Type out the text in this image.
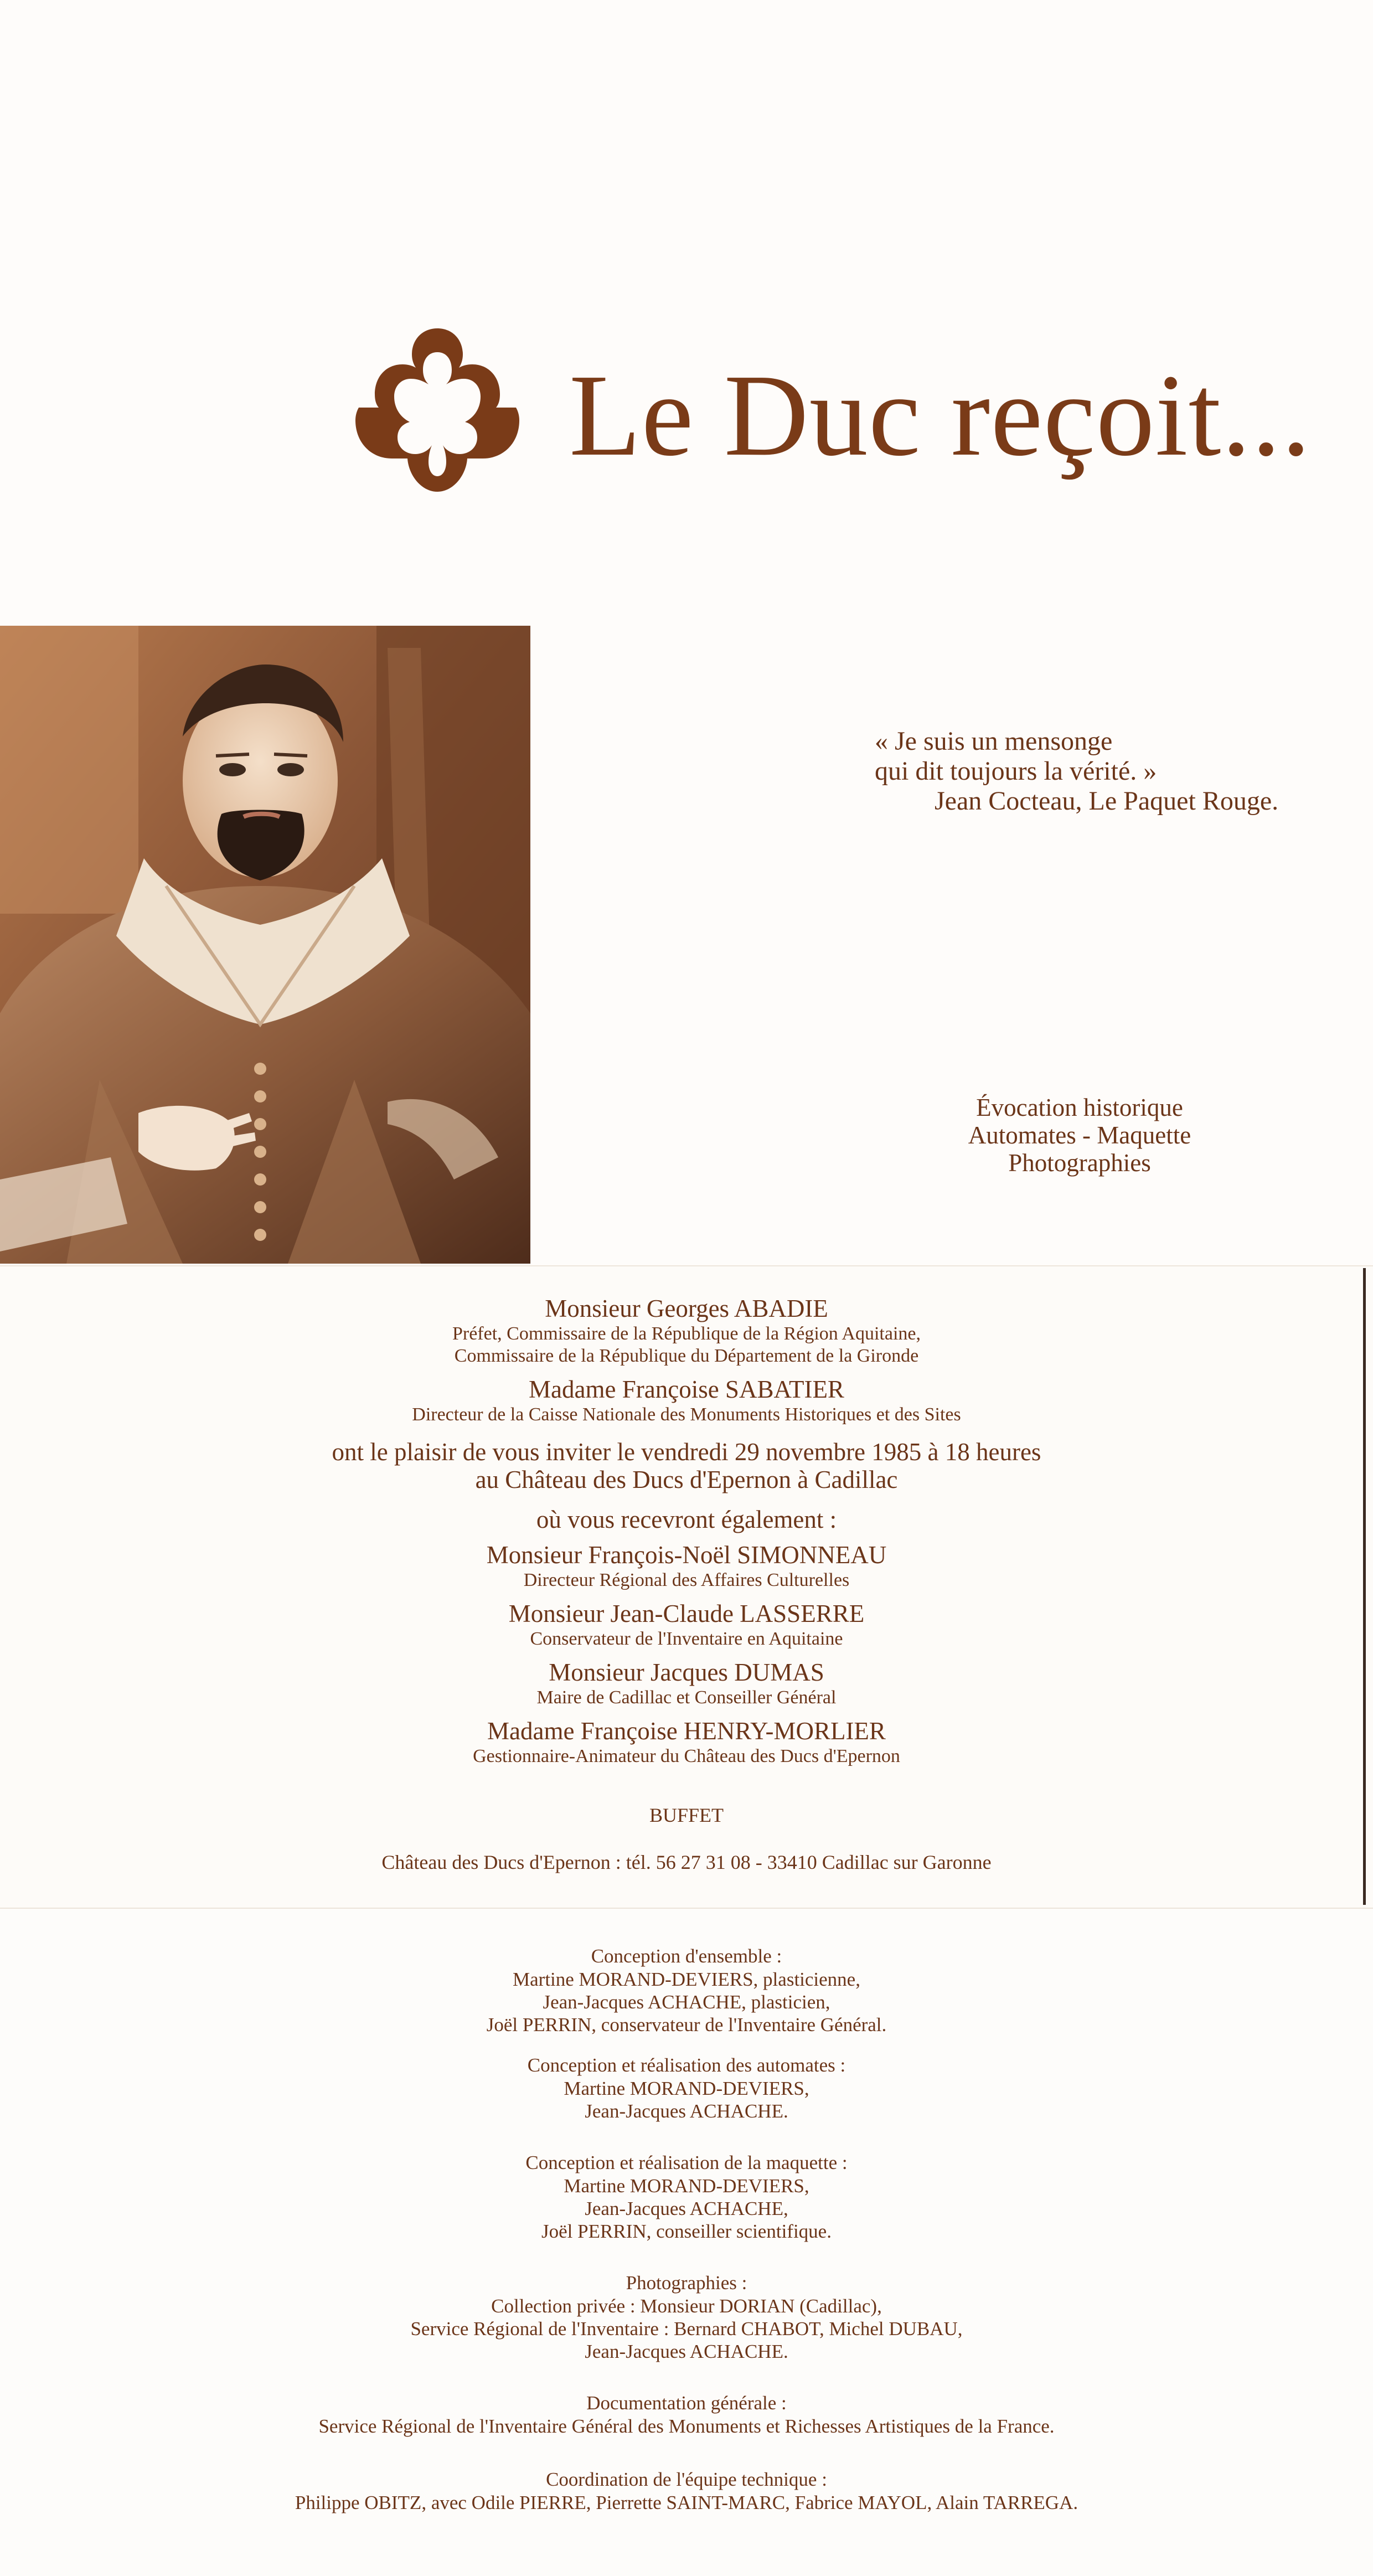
Le Duc reçoit...
« Je suis un mensonge
qui dit toujours la vérité. »
Jean Cocteau, Le Paquet Rouge.
Évocation historique
Automates - Maquette
Photographies
Monsieur Georges ABADIE
Préfet, Commissaire de la République de la Région Aquitaine,
Commissaire de la République du Département de la Gironde
Madame Françoise SABATIER
Directeur de la Caisse Nationale des Monuments Historiques et des Sites
ont le plaisir de vous inviter le vendredi 29 novembre 1985 à 18 heures
au Château des Ducs d'Epernon à Cadillac
où vous recevront également :
Monsieur François-Noël SIMONNEAU
Directeur Régional des Affaires Culturelles
Monsieur Jean-Claude LASSERRE
Conservateur de l'Inventaire en Aquitaine
Monsieur Jacques DUMAS
Maire de Cadillac et Conseiller Général
Madame Françoise HENRY-MORLIER
Gestionnaire-Animateur du Château des Ducs d'Epernon
BUFFET
Château des Ducs d'Epernon : tél. 56 27 31 08 - 33410 Cadillac sur Garonne
Conception d'ensemble :
Martine MORAND-DEVIERS, plasticienne,
Jean-Jacques ACHACHE, plasticien,
Joël PERRIN, conservateur de l'Inventaire Général.
Conception et réalisation des automates :
Martine MORAND-DEVIERS,
Jean-Jacques ACHACHE.
Conception et réalisation de la maquette :
Martine MORAND-DEVIERS,
Jean-Jacques ACHACHE,
Joël PERRIN, conseiller scientifique.
Photographies :
Collection privée : Monsieur DORIAN (Cadillac),
Service Régional de l'Inventaire : Bernard CHABOT, Michel DUBAU,
Jean-Jacques ACHACHE.
Documentation générale :
Service Régional de l'Inventaire Général des Monuments et Richesses Artistiques de la France.
Coordination de l'équipe technique :
Philippe OBITZ, avec Odile PIERRE, Pierrette SAINT-MARC, Fabrice MAYOL, Alain TARREGA.
